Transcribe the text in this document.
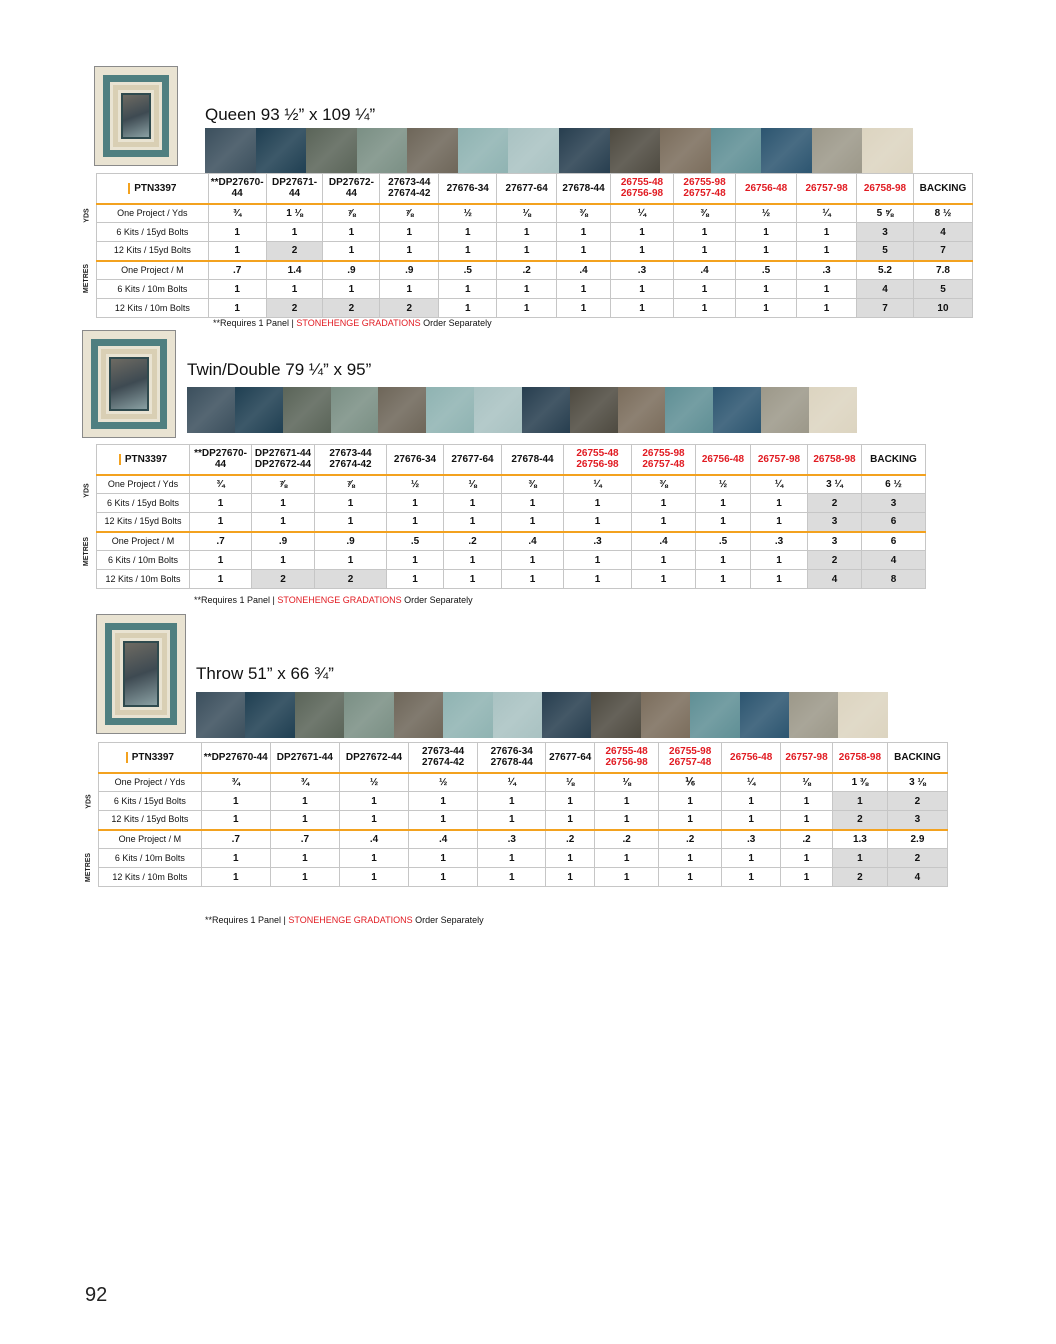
Queen 93 ½” x 109 ¼”
PTN3397	**DP27670-44	DP27671-44	DP27672-44	27673-44 27674-42	27676-34	27677-64	27678-44	26755-48 26756-98	26755-98 26757-48	26756-48	26757-98	26758-98	BACKING
One Project / Yds	¾	1 ⅛	⅞	⅞	½	⅛	⅜	¼	⅜	½	¼	5 ⅝	8 ½
6 Kits / 15yd Bolts	1	1	1	1	1	1	1	1	1	1	1	3	4
12 Kits / 15yd Bolts	1	2	1	1	1	1	1	1	1	1	1	5	7
One Project / M	.7	1.4	.9	.9	.5	.2	.4	.3	.4	.5	.3	5.2	7.8
6 Kits / 10m Bolts	1	1	1	1	1	1	1	1	1	1	1	4	5
12 Kits / 10m Bolts	1	2	2	2	1	1	1	1	1	1	1	7	10
YDS
METRES
**Requires 1 Panel | STONEHENGE GRADATIONS Order Separately
Twin/Double 79 ¼” x 95”
PTN3397	**DP27670-44	DP27671-44 DP27672-44	27673-44 27674-42	27676-34	27677-64	27678-44	26755-48 26756-98	26755-98 26757-48	26756-48	26757-98	26758-98	BACKING
One Project / Yds	¾	⅞	⅞	½	⅛	⅜	¼	⅜	½	¼	3 ¼	6 ½
6 Kits / 15yd Bolts	1	1	1	1	1	1	1	1	1	1	2	3
12 Kits / 15yd Bolts	1	1	1	1	1	1	1	1	1	1	3	6
One Project / M	.7	.9	.9	.5	.2	.4	.3	.4	.5	.3	3	6
6 Kits / 10m Bolts	1	1	1	1	1	1	1	1	1	1	2	4
12 Kits / 10m Bolts	1	2	2	1	1	1	1	1	1	1	4	8
YDS
METRES
**Requires 1 Panel | STONEHENGE GRADATIONS Order Separately
Throw 51” x 66 ¾”
PTN3397	**DP27670-44	DP27671-44	DP27672-44	27673-44 27674-42	27676-34 27678-44	27677-64	26755-48 26756-98	26755-98 26757-48	26756-48	26757-98	26758-98	BACKING
One Project / Yds	¾	¾	½	½	¼	⅛	⅛	⅙	¼	⅛	1 ⅜	3 ⅛
6 Kits / 15yd Bolts	1	1	1	1	1	1	1	1	1	1	1	2
12 Kits / 15yd Bolts	1	1	1	1	1	1	1	1	1	1	2	3
One Project / M	.7	.7	.4	.4	.3	.2	.2	.2	.3	.2	1.3	2.9
6 Kits / 10m Bolts	1	1	1	1	1	1	1	1	1	1	1	2
12 Kits / 10m Bolts	1	1	1	1	1	1	1	1	1	1	2	4
YDS
METRES
**Requires 1 Panel | STONEHENGE GRADATIONS Order Separately
92
